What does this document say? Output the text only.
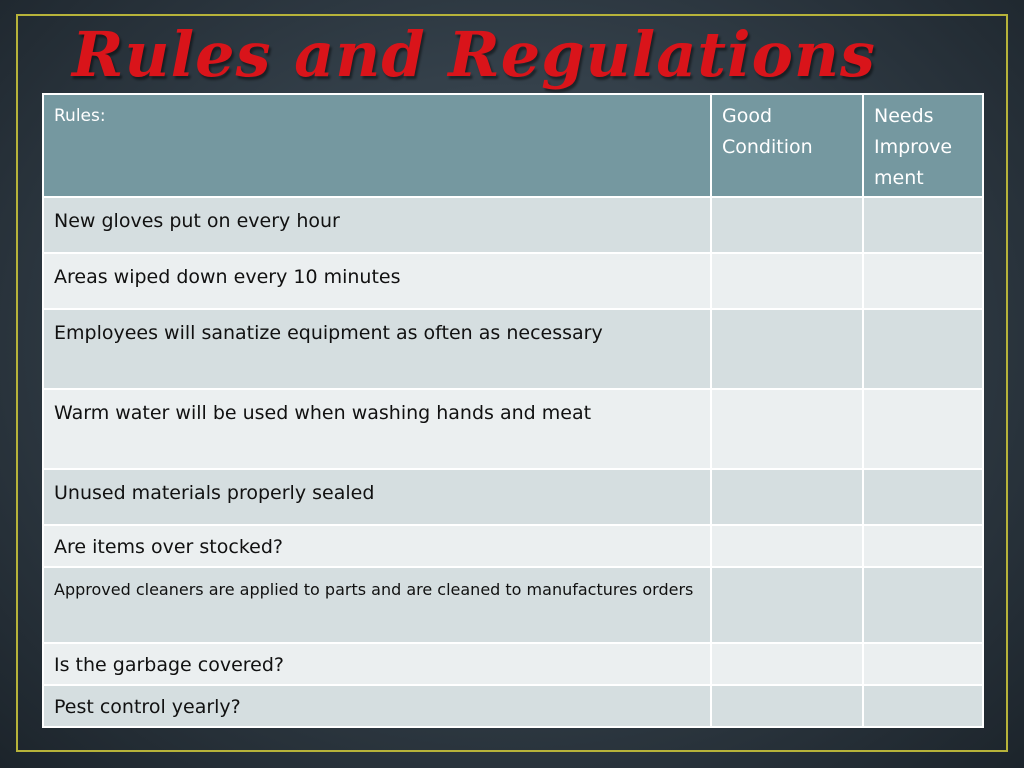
Rules and Regulations
Rules:	Good Condition	Needs Improve ment
New gloves put on every hour		
Areas wiped down every 10 minutes		
Employees will sanatize equipment as often as necessary		
Warm water will be used when washing hands and meat		
Unused materials properly sealed		
Are items over stocked?		
Approved cleaners are applied to parts and are cleaned to manufactures orders		
Is the garbage covered?		
Pest control yearly?		
